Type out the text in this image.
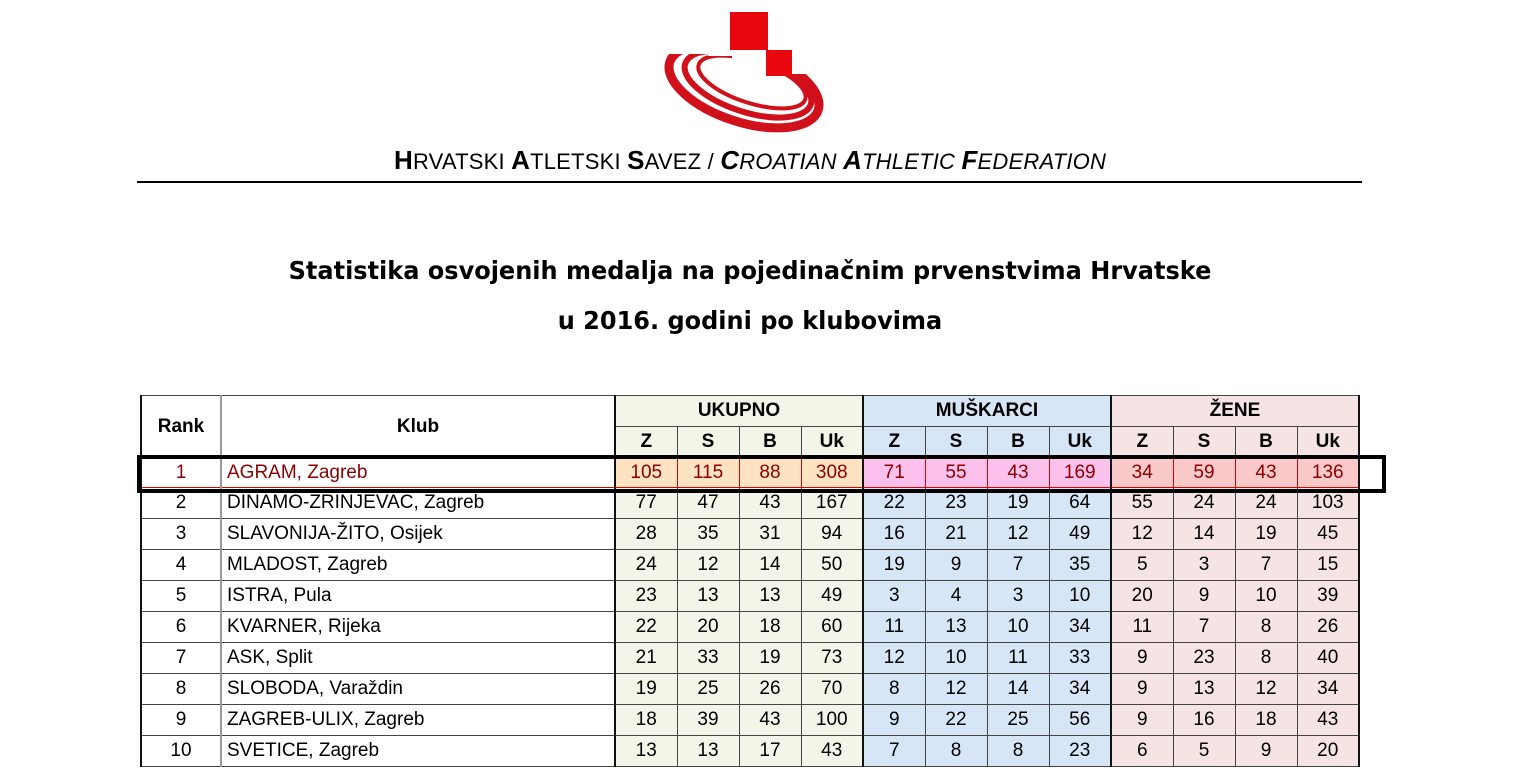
HRVATSKI ATLETSKI SAVEZ / CROATIAN ATHLETIC FEDERATION
Statistika osvojenih medalja na pojedinačnim prvenstvima Hrvatske
u 2016. godini po klubovima
Rank	Klub	UKUPNO				MUŠKARCI				ŽENE			
		Z	S	B	Uk	Z	S	B	Uk	Z	S	B	Uk
1	AGRAM, Zagreb	105	115	88	308	71	55	43	169	34	59	43	136
2	DINAMO-ZRINJEVAC, Zagreb	77	47	43	167	22	23	19	64	55	24	24	103
3	SLAVONIJA-ŽITO, Osijek	28	35	31	94	16	21	12	49	12	14	19	45
4	MLADOST, Zagreb	24	12	14	50	19	9	7	35	5	3	7	15
5	ISTRA, Pula	23	13	13	49	3	4	3	10	20	9	10	39
6	KVARNER, Rijeka	22	20	18	60	11	13	10	34	11	7	8	26
7	ASK, Split	21	33	19	73	12	10	11	33	9	23	8	40
8	SLOBODA, Varaždin	19	25	26	70	8	12	14	34	9	13	12	34
9	ZAGREB-ULIX, Zagreb	18	39	43	100	9	22	25	56	9	16	18	43
10	SVETICE, Zagreb	13	13	17	43	7	8	8	23	6	5	9	20
